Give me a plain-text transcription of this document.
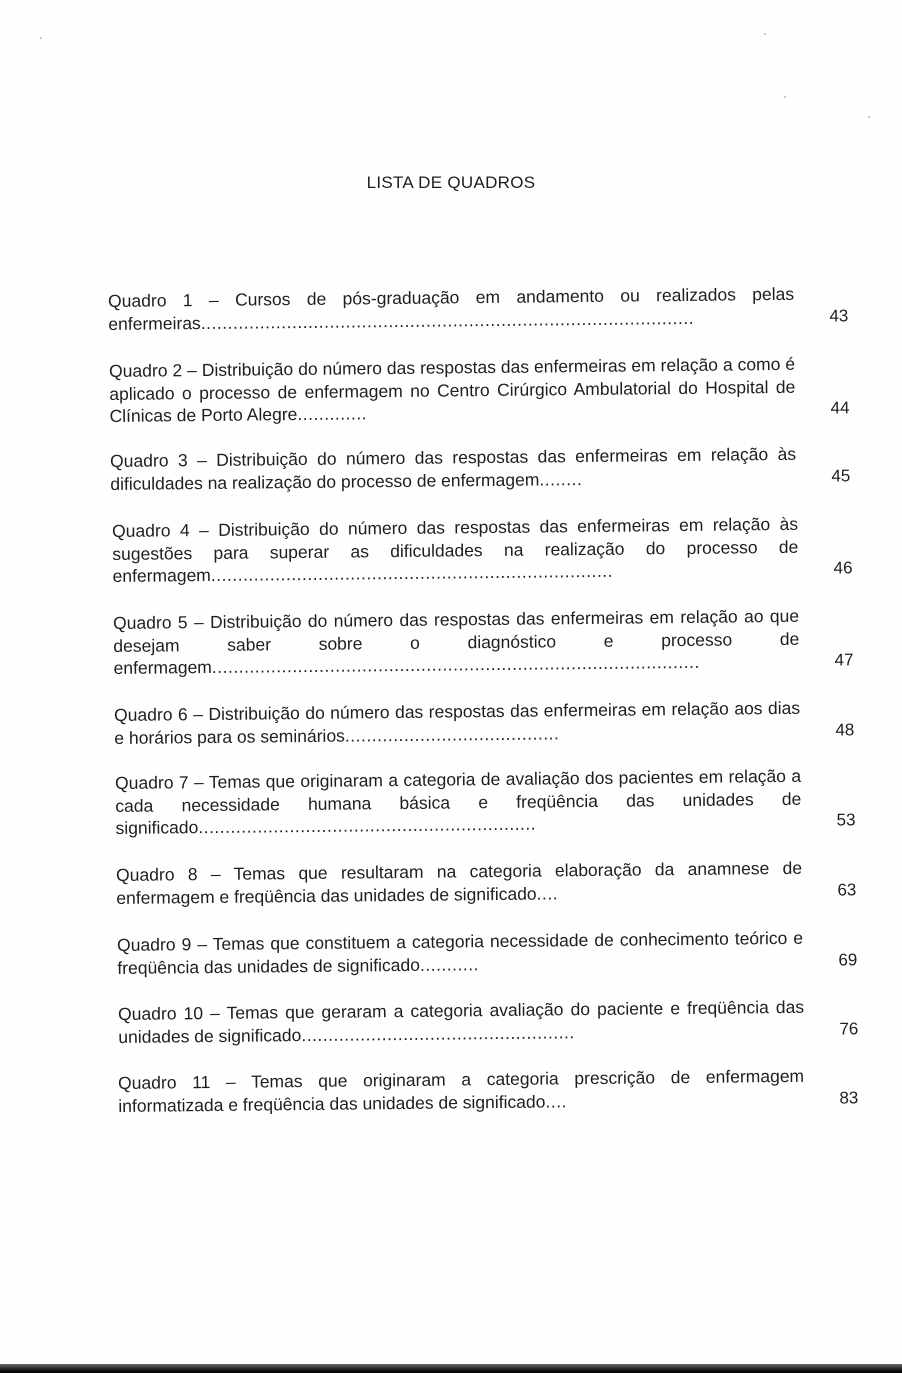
LISTA DE QUADROS
Quadro 1 – Cursos de pós-graduação em andamento ou realizados pelas enfermeiras............................................................................................	43
Quadro 2 – Distribuição do número das respostas das enfermeiras em relação a como é aplicado o processo de enfermagem no Centro Cirúrgico Ambulatorial do Hospital de Clínicas de Porto Alegre.............	44
Quadro 3 – Distribuição do número das respostas das enfermeiras em relação às dificuldades na realização do processo de enfermagem........	45
Quadro 4 – Distribuição do número das respostas das enfermeiras em relação às sugestões para superar as dificuldades na realização do processo de enfermagem...........................................................................	46
Quadro 5 – Distribuição do número das respostas das enfermeiras em relação ao que desejam saber sobre o diagnóstico e processo de enfermagem...........................................................................................	47
Quadro 6 – Distribuição do número das respostas das enfermeiras em relação aos dias e horários para os seminários........................................	48
Quadro 7 – Temas que originaram a categoria de avaliação dos pacientes em relação a cada necessidade humana básica e freqüência das unidades de significado...............................................................	53
Quadro 8 – Temas que resultaram na categoria elaboração da anamnese de enfermagem e freqüência das unidades de significado....	63
Quadro 9 – Temas que constituem a categoria necessidade de conhecimento teórico e freqüência das unidades de significado...........	69
Quadro 10 – Temas que geraram a categoria avaliação do paciente e freqüência das unidades de significado...................................................	76
Quadro 11 – Temas que originaram a categoria prescrição de enfermagem informatizada e freqüência das unidades de significado....	83
